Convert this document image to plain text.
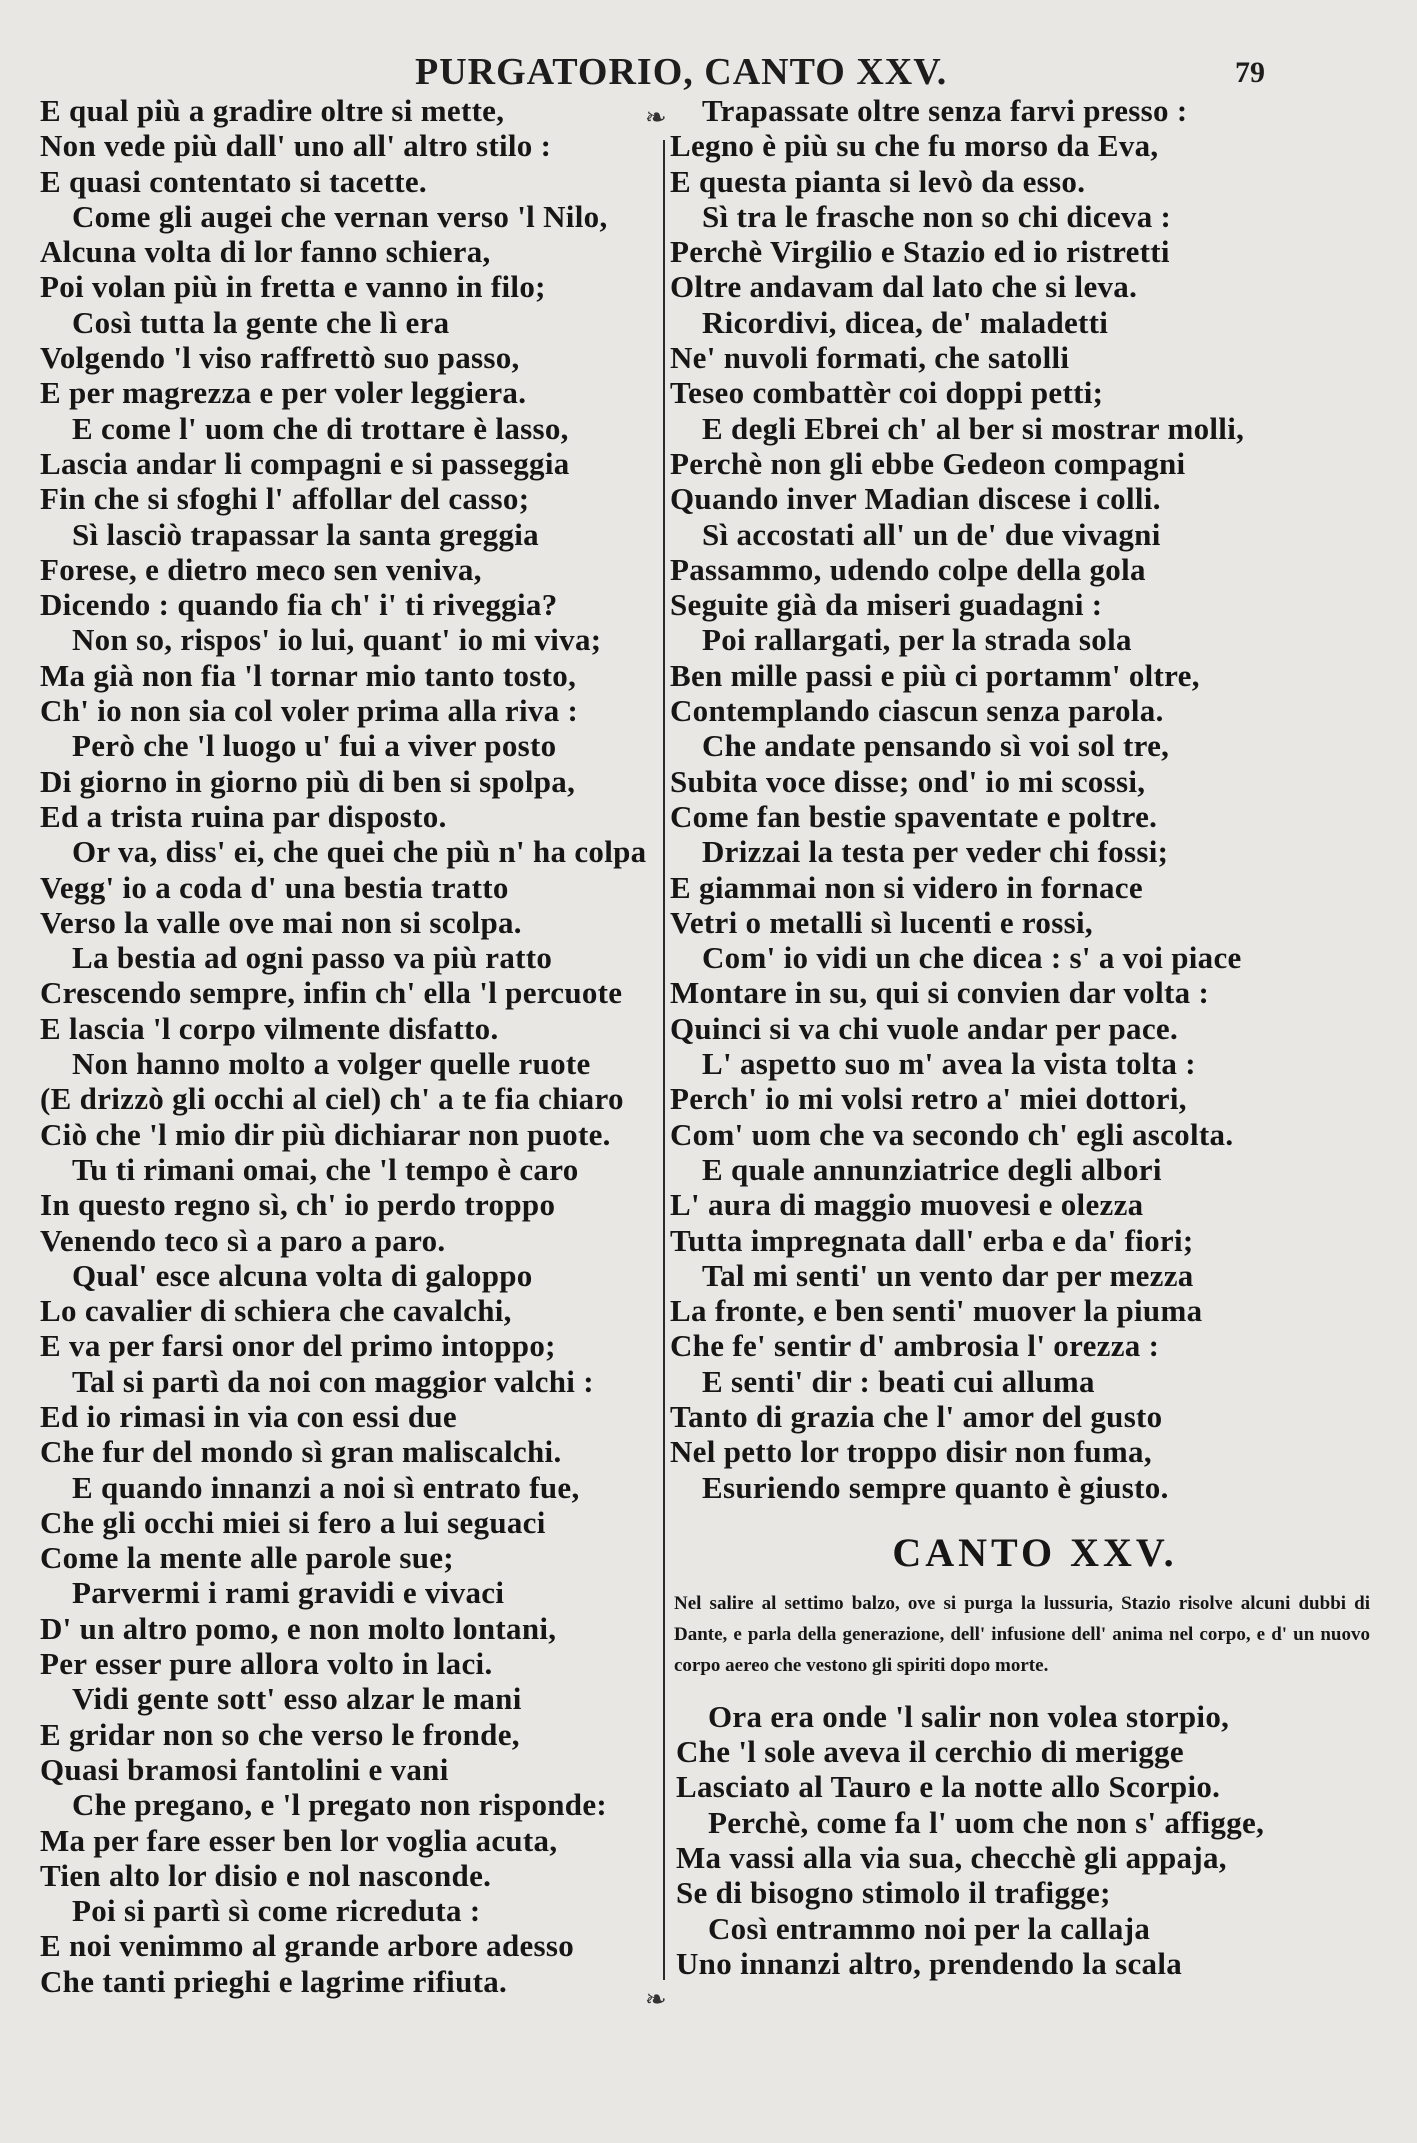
PURGATORIO, CANTO XXV.	79
❧
❧
E qual più a gradire oltre si mette,
Non vede più dall' uno all' altro stilo :
E quasi contentato si tacette.
Come gli augei che vernan verso 'l Nilo,
Alcuna volta di lor fanno schiera,
Poi volan più in fretta e vanno in filo;
Così tutta la gente che lì era
Volgendo 'l viso raffrettò suo passo,
E per magrezza e per voler leggiera.
E come l' uom che di trottare è lasso,
Lascia andar li compagni e si passeggia
Fin che si sfoghi l' affollar del casso;
Sì lasciò trapassar la santa greggia
Forese, e dietro meco sen veniva,
Dicendo : quando fia ch' i' ti riveggia?
Non so, rispos' io lui, quant' io mi viva;
Ma già non fia 'l tornar mio tanto tosto,
Ch' io non sia col voler prima alla riva :
Però che 'l luogo u' fui a viver posto
Di giorno in giorno più di ben si spolpa,
Ed a trista ruina par disposto.
Or va, diss' ei, che quei che più n' ha colpa
Vegg' io a coda d' una bestia tratto
Verso la valle ove mai non si scolpa.
La bestia ad ogni passo va più ratto
Crescendo sempre, infin ch' ella 'l percuote
E lascia 'l corpo vilmente disfatto.
Non hanno molto a volger quelle ruote
(E drizzò gli occhi al ciel) ch' a te fia chiaro
Ciò che 'l mio dir più dichiarar non puote.
Tu ti rimani omai, che 'l tempo è caro
In questo regno sì, ch' io perdo troppo
Venendo teco sì a paro a paro.
Qual' esce alcuna volta di galoppo
Lo cavalier di schiera che cavalchi,
E va per farsi onor del primo intoppo;
Tal si partì da noi con maggior valchi :
Ed io rimasi in via con essi due
Che fur del mondo sì gran maliscalchi.
E quando innanzi a noi sì entrato fue,
Che gli occhi miei si fero a lui seguaci
Come la mente alle parole sue;
Parvermi i rami gravidi e vivaci
D' un altro pomo, e non molto lontani,
Per esser pure allora volto in laci.
Vidi gente sott' esso alzar le mani
E gridar non so che verso le fronde,
Quasi bramosi fantolini e vani
Che pregano, e 'l pregato non risponde:
Ma per fare esser ben lor voglia acuta,
Tien alto lor disio e nol nasconde.
Poi si partì sì come ricreduta :
E noi venimmo al grande arbore adesso
Che tanti prieghi e lagrime rifiuta.
Trapassate oltre senza farvi presso :
Legno è più su che fu morso da Eva,
E questa pianta si levò da esso.
Sì tra le frasche non so chi diceva :
Perchè Virgilio e Stazio ed io ristretti
Oltre andavam dal lato che si leva.
Ricordivi, dicea, de' maladetti
Ne' nuvoli formati, che satolli
Teseo combattèr coi doppi petti;
E degli Ebrei ch' al ber si mostrar molli,
Perchè non gli ebbe Gedeon compagni
Quando inver Madian discese i colli.
Sì accostati all' un de' due vivagni
Passammo, udendo colpe della gola
Seguite già da miseri guadagni :
Poi rallargati, per la strada sola
Ben mille passi e più ci portamm' oltre,
Contemplando ciascun senza parola.
Che andate pensando sì voi sol tre,
Subita voce disse; ond' io mi scossi,
Come fan bestie spaventate e poltre.
Drizzai la testa per veder chi fossi;
E giammai non si videro in fornace
Vetri o metalli sì lucenti e rossi,
Com' io vidi un che dicea : s' a voi piace
Montare in su, qui si convien dar volta :
Quinci si va chi vuole andar per pace.
L' aspetto suo m' avea la vista tolta :
Perch' io mi volsi retro a' miei dottori,
Com' uom che va secondo ch' egli ascolta.
E quale annunziatrice degli albori
L' aura di maggio muovesi e olezza
Tutta impregnata dall' erba e da' fiori;
Tal mi senti' un vento dar per mezza
La fronte, e ben senti' muover la piuma
Che fe' sentir d' ambrosia l' orezza :
E senti' dir : beati cui alluma
Tanto di grazia che l' amor del gusto
Nel petto lor troppo disir non fuma,
Esuriendo sempre quanto è giusto.
CANTO XXV.
Nel salire al settimo balzo, ove si purga la lussuria, Stazio risolve alcuni dubbi di Dante, e parla della generazione, dell' infusione dell' anima nel corpo, e d' un nuovo corpo aereo che vestono gli spiriti dopo morte.
Ora era onde 'l salir non volea storpio,
Che 'l sole aveva il cerchio di merigge
Lasciato al Tauro e la notte allo Scorpio.
Perchè, come fa l' uom che non s' affigge,
Ma vassi alla via sua, checchè gli appaja,
Se di bisogno stimolo il trafigge;
Così entrammo noi per la callaja
Uno innanzi altro, prendendo la scala
